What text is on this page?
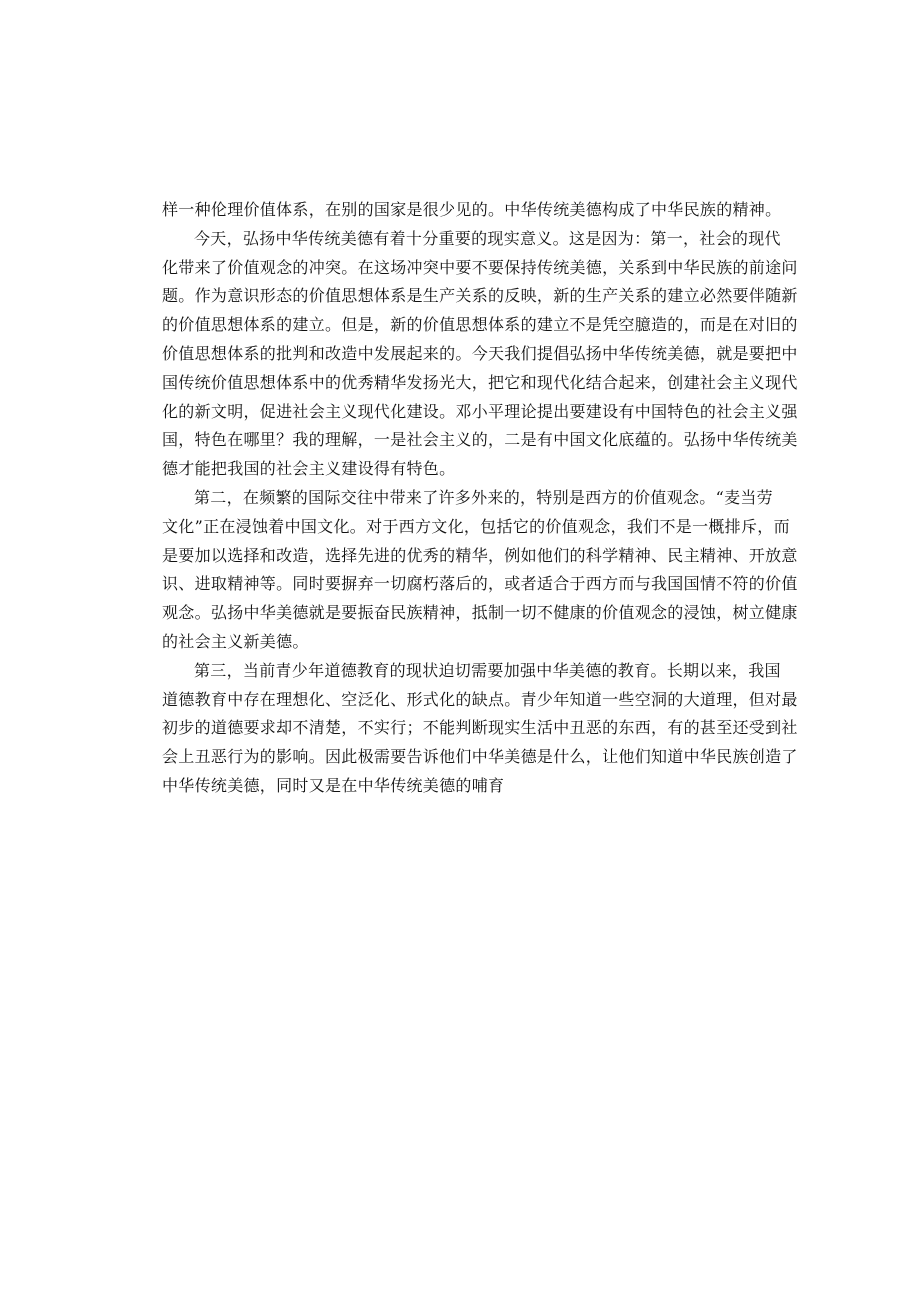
样一种伦理价值体系，在别的国家是很少见的。中华传统美德构成了中华民族的精神。

今天，弘扬中华传统美德有着十分重要的现实意义。这是因为：第一，社会的现代
化带来了价值观念的冲突。在这场冲突中要不要保持传统美德，关系到中华民族的前途问
题。作为意识形态的价值思想体系是生产关系的反映，新的生产关系的建立必然要伴随新
的价值思想体系的建立。但是，新的价值思想体系的建立不是凭空臆造的，而是在对旧的
价值思想体系的批判和改造中发展起来的。今天我们提倡弘扬中华传统美德，就是要把中
国传统价值思想体系中的优秀精华发扬光大，把它和现代化结合起来，创建社会主义现代
化的新文明，促进社会主义现代化建设。邓小平理论提出要建设有中国特色的社会主义强
国，特色在哪里？我的理解，一是社会主义的，二是有中国文化底蕴的。弘扬中华传统美
德才能把我国的社会主义建设得有特色。

第二，在频繁的国际交往中带来了许多外来的，特别是西方的价值观念。“麦当劳
文化”正在浸蚀着中国文化。对于西方文化，包括它的价值观念，我们不是一概排斥，而
是要加以选择和改造，选择先进的优秀的精华，例如他们的科学精神、民主精神、开放意
识、进取精神等。同时要摒弃一切腐朽落后的，或者适合于西方而与我国国情不符的价值
观念。弘扬中华美德就是要振奋民族精神，抵制一切不健康的价值观念的浸蚀，树立健康
的社会主义新美德。

第三，当前青少年道德教育的现状迫切需要加强中华美德的教育。长期以来，我国
道德教育中存在理想化、空泛化、形式化的缺点。青少年知道一些空洞的大道理，但对最
初步的道德要求却不清楚，不实行；不能判断现实生活中丑恶的东西，有的甚至还受到社
会上丑恶行为的影响。因此极需要告诉他们中华美德是什么，让他们知道中华民族创造了
中华传统美德，同时又是在中华传统美德的哺育
